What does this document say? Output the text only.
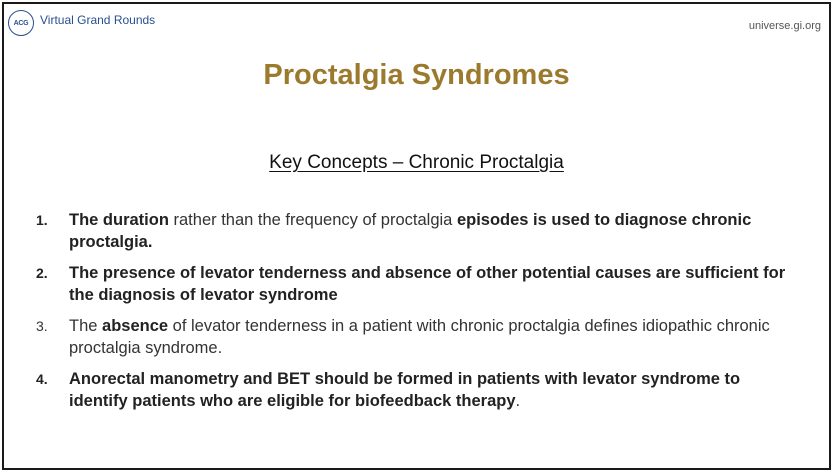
ACG Virtual Grand Rounds	universe.gi.org
Proctalgia Syndromes
Key Concepts – Chronic Proctalgia
1.	The duration rather than the frequency of proctalgia episodes is used to diagnose chronic proctalgia.
2.	The presence of levator tenderness and absence of other potential causes are sufficient for the diagnosis of levator syndrome
3.	The absence of levator tenderness in a patient with chronic proctalgia defines idiopathic chronic proctalgia syndrome.
4.	Anorectal manometry and BET should be formed in patients with levator syndrome to identify patients who are eligible for biofeedback therapy.
